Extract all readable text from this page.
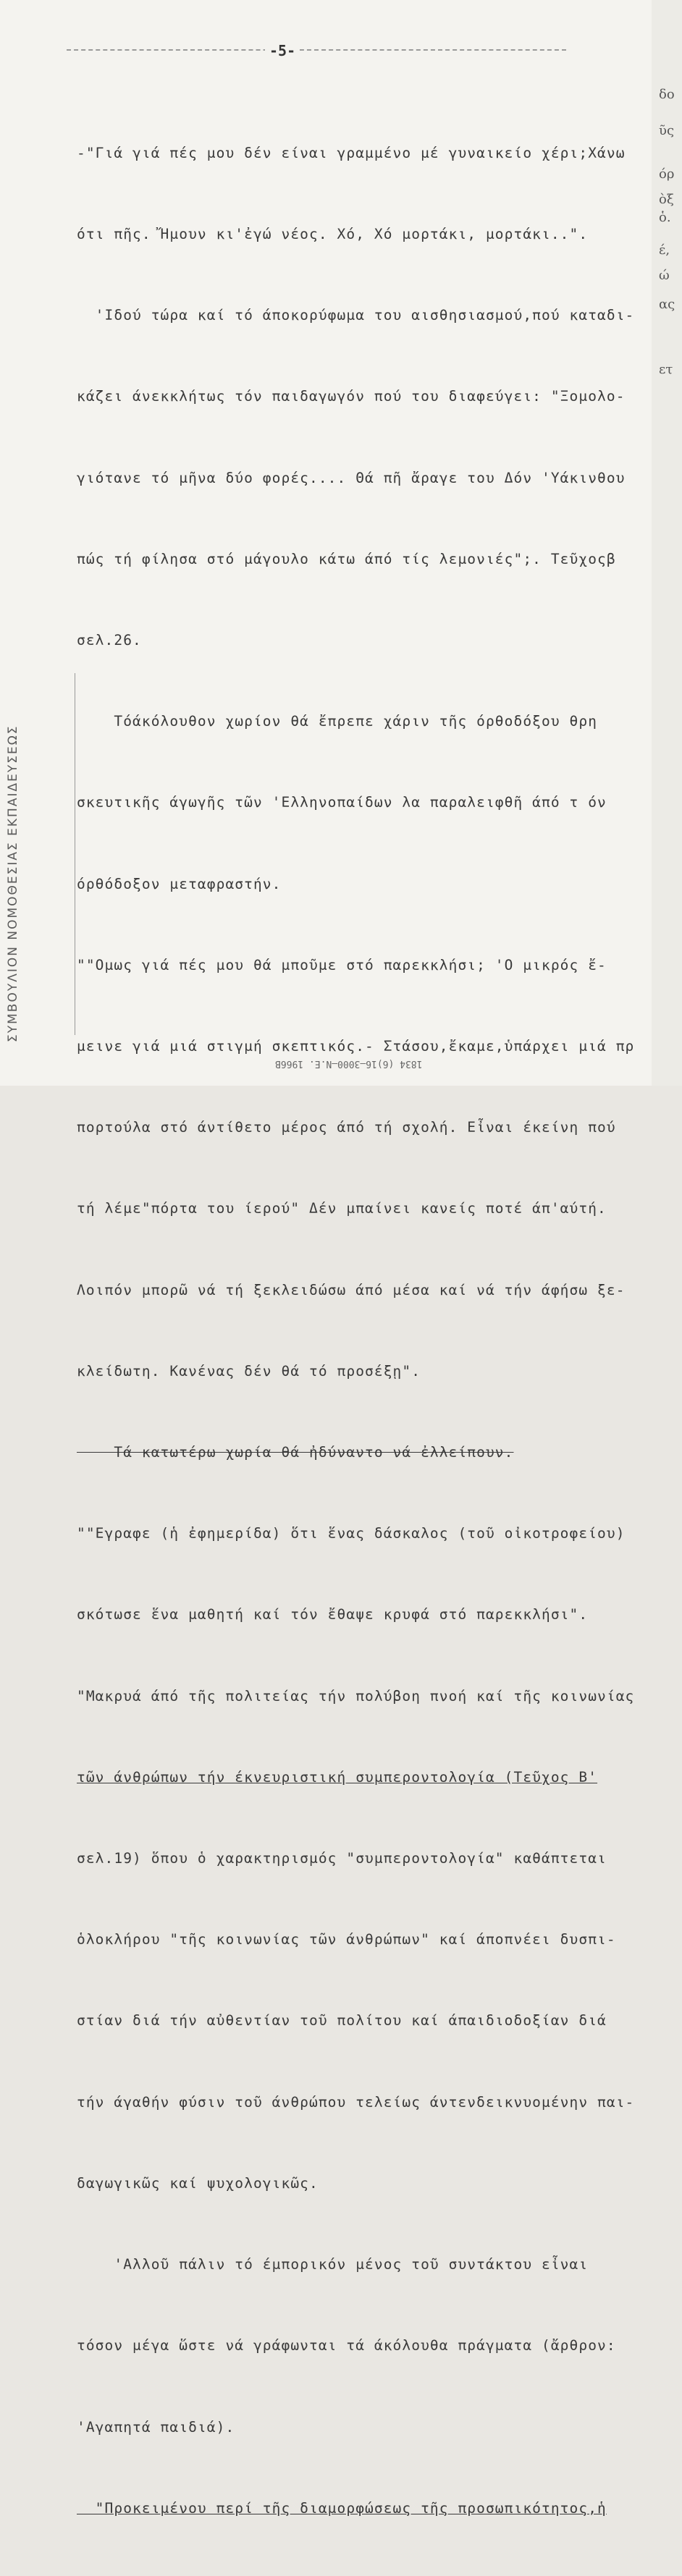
-5-

-"Γιά γιά πές μου δέν είναι γραμμένο μέ γυναικείο χέρι;Χάνω

ότι πῆς. Ἤμουν κι'ἐγώ νέος. Χό, Χό μορτάκι, μορτάκι..".

'Ιδού τώρα καί τό άποκορύφωμα του αισθησιασμού,πού καταδι-

κάζει άνεκκλήτως τόν παιδαγωγόν πού του διαφεύγει: "Ξομολο-

γιότανε τό μῆνα δύο φορές.... Θά πῆ ἄραγε του Δόν 'Υάκινθου

πώς τή φίλησα στό μάγουλο κάτω άπό τίς λεμονιές";. Τεῦχοςβ

σελ.26.

Τόάκόλουθον χωρίον θά ἔπρεπε χάριν τῆς όρθοδόξου θρη

σκευτικῆς άγωγῆς τῶν 'Ελληνοπαίδων λα παραλειφθῆ άπό τ όν

όρθόδοξον μεταφραστήν.

""Ομως γιά πές μου θά μποῦμε στό παρεκκλήσι; 'Ο μικρός ἔ-

μεινε γιά μιά στιγμή σκεπτικός.- Στάσου,ἔκαμε,ὑπάρχει μιά πρ

πορτούλα στό άντίθετο μέρος άπό τή σχολή. Εἶναι έκείνη πού

τή λέμε"πόρτα του ίερού" Δέν μπαίνει κανείς ποτέ άπ'αύτή.

Λοιπόν μπορῶ νά τή ξεκλειδώσω άπό μέσα καί νά τήν άφήσω ξε-

κλείδωτη. Κανένας δέν θά τό προσέξῃ".

Τά κατωτέρω χωρία θά ἠδύναντο νά ἐλλείπουν.

""Εγραφε (ἡ ἐφημερίδα) ὅτι ἕνας δάσκαλος (τοῦ οἰκοτροφείου)

σκότωσε ἕνα μαθητή καί τόν ἔθαψε κρυφά στό παρεκκλήσι".

"Μακρυά άπό τῆς πολιτείας τήν πολύβοη πνοή καί τῆς κοινωνίας

τῶν άνθρώπων τήν έκνευριστική συμπεροντολογία (Τεῦχος Β'

σελ.19) ὅπου ὁ χαρακτηρισμός "συμπεροντολογία" καθάπτεται

ὁλοκλήρου "τῆς κοινωνίας τῶν άνθρώπων" καί άποπνέει δυσπι-

στίαν διά τήν αὐθεντίαν τοῦ πολίτου καί άπαιδιοδοξίαν διά

τήν άγαθήν φύσιν τοῦ άνθρώπου τελείως άντενδεικνυομένην παι-

δαγωγικῶς καί ψυχολογικῶς.

'Αλλοῦ πάλιν τό έμπορικόν μένος τοῦ συντάκτου εἶναι

τόσον μέγα ὥστε νά γράφωνται τά άκόλουθα πράγματα (ἄρθρον:

'Αγαπητά παιδιά).

"Προκειμένου περί τῆς διαμορφώσεως τῆς προσωπικότητος,ἡ

ΣΥΜΒΟΥΛΙΟΝ ΝΟΜΟΘΕΣΙΑΣ ΕΚΠΑΙΔΕΥΣΕΩΣ
1834 (6)16—3000—N.E. 1966B
δο
ῦς
όρ
ὸξ
ὁ.
έ,
ώ
ας
ετ
